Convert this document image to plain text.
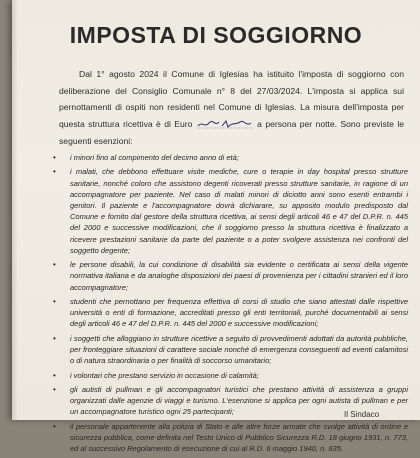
IMPOSTA DI SOGGIORNO
Dal 1° agosto 2024 il Comune di Iglesias ha istituito l'imposta di soggiorno con deliberazione del Consiglio Comunale n° 8 del 27/03/2024. L'imposta si applica sui pernottamenti di ospiti non residenti nel Comune di Iglesias. La misura dell'imposta per questa struttura ricettiva è di Euro	a persona per notte. Sono previste le seguenti esenzioni:
• i minori fino al compimento del decimo anno di età;
• i malati, che debbono effettuare visite mediche, cure o terapie in day hospital presso strutture sanitarie, nonché coloro che assistono degenti ricoverati presso strutture sanitarie, in ragione di un accompagnatore per paziente. Nel caso di malati minori di diciotto anni sono esenti entrambi i genitori. Il paziente e l'accompagnatore dovrà dichiarare, su apposito modulo predisposto dal Comune e fornito dal gestore della struttura ricettiva, ai sensi degli articoli 46 e 47 del D.P.R. n. 445 del 2000 e successive modificazioni, che il soggiorno presso la struttura ricettiva è finalizzato a ricevere prestazioni sanitarie da parte del paziente o a poter svolgere assistenza nei confronti del soggetto degente;
• le persone disabili, la cui condizione di disabilità sia evidente o certificata ai sensi della vigente normativa italiana e da analoghe disposizioni dei paesi di provenienza per i cittadini stranieri ed il loro accompagnatore;
• studenti che pernottano per frequenza effettiva di corsi di studio che siano attestati dalle rispettive università o enti di formazione, accreditati presso gli enti territoriali, purché documentabili ai sensi degli articoli 46 e 47 del D.P.R. n. 445 del 2000 e successive modificazioni;
• i soggetti che alloggiano in strutture ricettive a seguito di provvedimenti adottati da autorità pubbliche, per fronteggiare situazioni di carattere sociale nonché di emergenza conseguenti ad eventi calamitosi o di natura straordinaria o per finalità di soccorso umanitario;
• i volontari che prestano servizio in occasione di calamità;
• gli autisti di pullman e gli accompagnatori turistici che prestano attività di assistenza a gruppi organizzati dalle agenzie di viaggi e turismo. L'esenzione si applica per ogni autista di pullman e per un accompagnatore turistico ogni 25 partecipanti;
• il personale appartenente alla polizia di Stato e alle altre forze armate che svolge attività di ordine e sicurezza pubblica, come definita nel Testo Unico di Pubblico Sicurezza R.D. 18 giugno 1931, n. 773, ed al successivo Regolamento di esecuzione di cui al R.D. 6 maggio 1940, n. 635.
Il Sindaco
